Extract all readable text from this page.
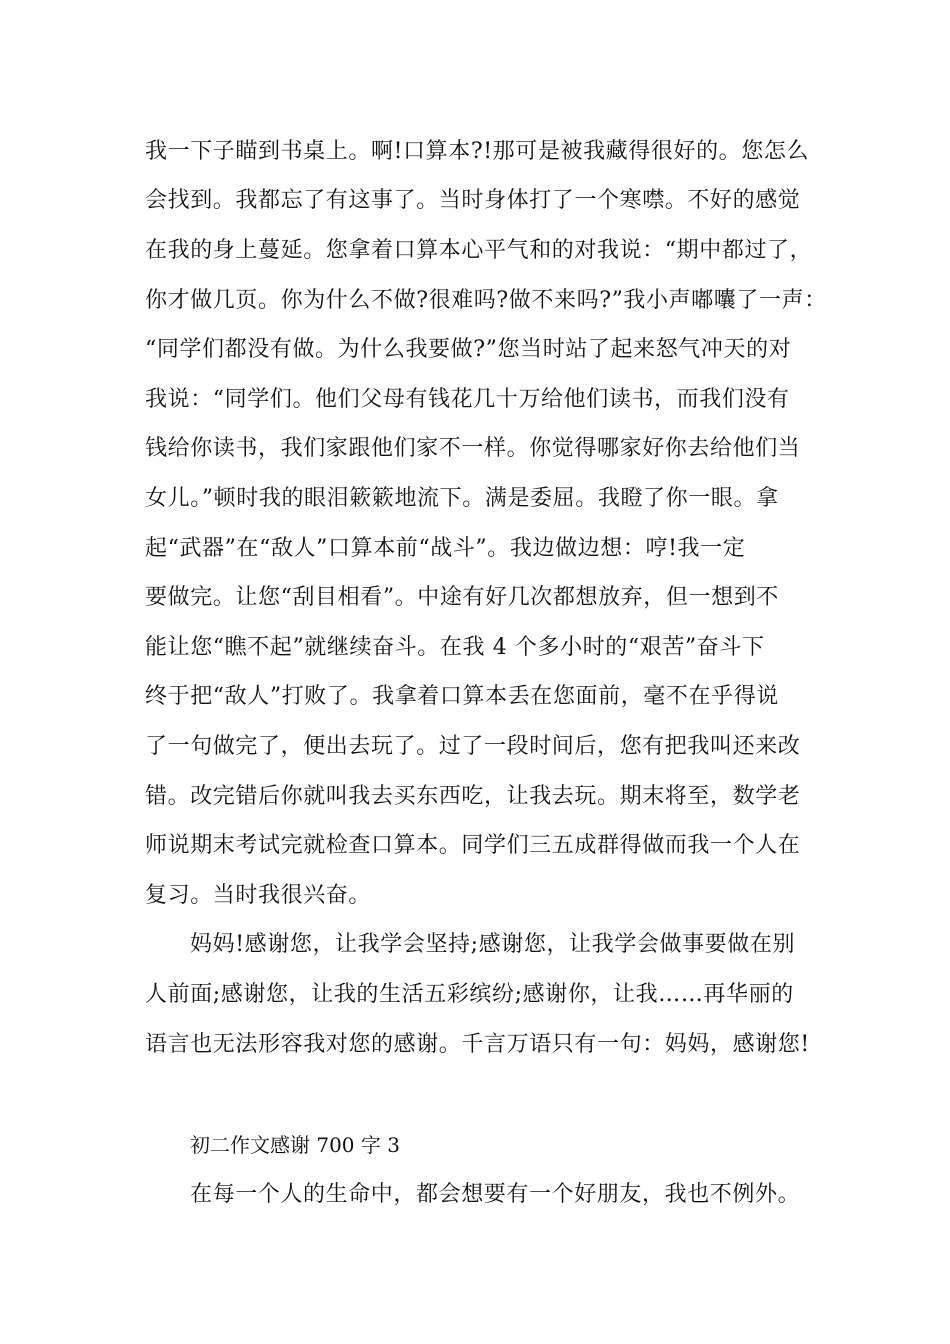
我一下子瞄到书桌上。啊!口算本?!那可是被我藏得很好的。您怎么
会找到。我都忘了有这事了。当时身体打了一个寒噤。不好的感觉
在我的身上蔓延。您拿着口算本心平气和的对我说：“期中都过了，
你才做几页。你为什么不做?很难吗?做不来吗?”我小声嘟囔了一声：
“同学们都没有做。为什么我要做?”您当时站了起来怒气冲天的对
我说：“同学们。他们父母有钱花几十万给他们读书，而我们没有
钱给你读书，我们家跟他们家不一样。你觉得哪家好你去给他们当
女儿。”顿时我的眼泪簌簌地流下。满是委屈。我瞪了你一眼。拿
起“武器”在“敌人”口算本前“战斗”。我边做边想：哼!我一定
要做完。让您“刮目相看”。中途有好几次都想放弃，但一想到不
能让您“瞧不起”就继续奋斗。在我 4 个多小时的“艰苦”奋斗下
终于把“敌人”打败了。我拿着口算本丢在您面前，毫不在乎得说
了一句做完了，便出去玩了。过了一段时间后，您有把我叫还来改
错。改完错后你就叫我去买东西吃，让我去玩。期末将至，数学老
师说期末考试完就检查口算本。同学们三五成群得做而我一个人在
复习。当时我很兴奋。
妈妈!感谢您，让我学会坚持;感谢您，让我学会做事要做在别
人前面;感谢您，让我的生活五彩缤纷;感谢你，让我……再华丽的
语言也无法形容我对您的感谢。千言万语只有一句：妈妈，感谢您!
初二作文感谢 700 字 3
在每一个人的生命中，都会想要有一个好朋友，我也不例外。
